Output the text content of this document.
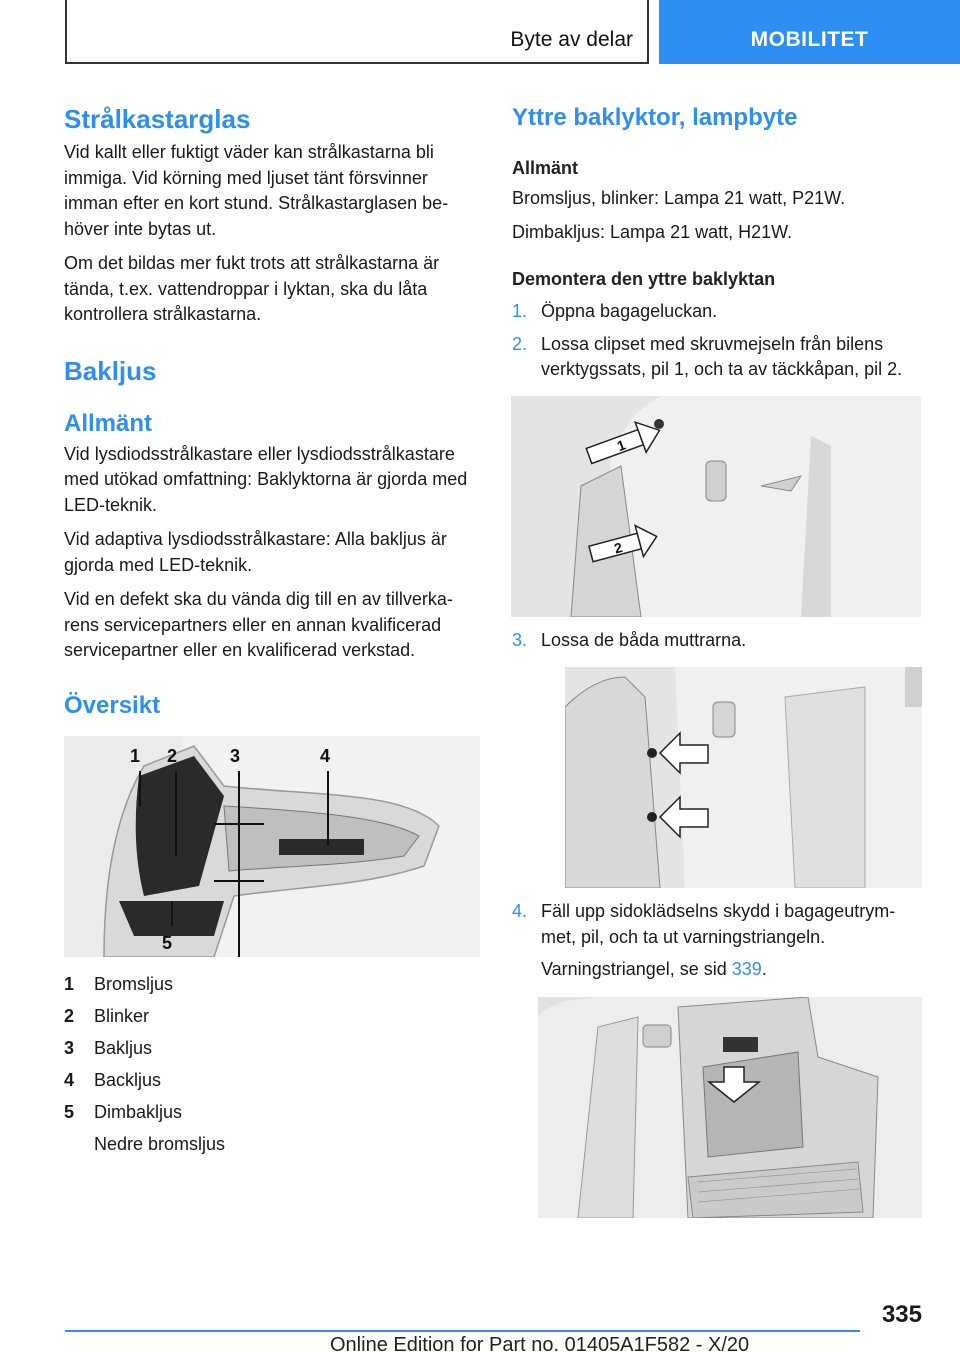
Byte av delar	MOBILITET
Strålkastarglas

Vid kallt eller fuktigt väder kan strålkastarna bli immiga. Vid körning med ljuset tänt försvinner imman efter en kort stund. Strålkastarglasen behöver inte bytas ut.

Om det bildas mer fukt trots att strålkastarna är tända, t.ex. vattendroppar i lyktan, ska du låta kontrollera strålkastarna.

Bakljus
Allmänt

Vid lysdiodsstrålkastare eller lysdiodsstrålkastare med utökad omfattning: Baklyktorna är gjorda med LED-teknik.

Vid adaptiva lysdiodsstrålkastare: Alla bakljus är gjorda med LED-teknik.

Vid en defekt ska du vända dig till en av tillverkarens servicepartners eller en annan kvalificerad servicepartner eller en kvalificerad verkstad.

Översikt
1 2	3	4
5
1	Bromsljus
2	Blinker
3	Bakljus
4	Backljus
5	Dimbakljus
Nedre bromsljus
Yttre baklyktor, lampbyte
Allmänt

Bromsljus, blinker: Lampa 21 watt, P21W.

Dimbakljus: Lampa 21 watt, H21W.

Demontera den yttre baklyktan
1. Öppna bagageluckan.
2. Lossa clipset med skruvmejseln från bilens verktygssats, pil 1, och ta av täckkåpan, pil 2.
1
2
3. Lossa de båda muttrarna.
4. Fäll upp sidoklädselns skydd i bagageutrymmet, pil, och ta ut varningstriangeln.

Varningstriangel, se sid 339.

335
Online Edition for Part no. 01405A1F582 - X/20
